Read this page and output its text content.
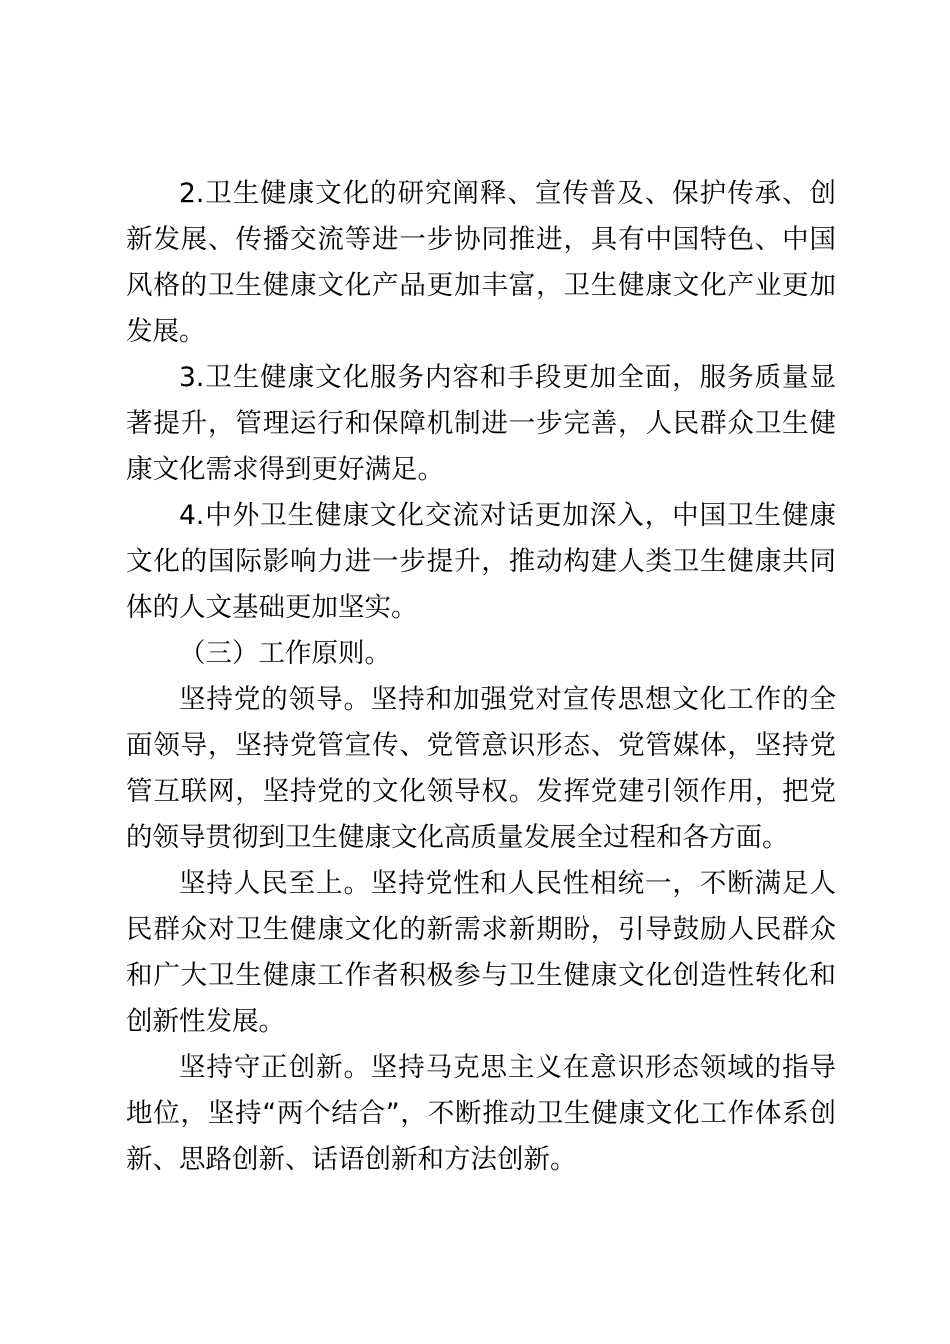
2.卫生健康文化的研究阐释、宣传普及、保护传承、创新发展、传播交流等进一步协同推进，具有中国特色、中国风格的卫生健康文化产品更加丰富，卫生健康文化产业更加发展。

3.卫生健康文化服务内容和手段更加全面，服务质量显著提升，管理运行和保障机制进一步完善，人民群众卫生健康文化需求得到更好满足。

4.中外卫生健康文化交流对话更加深入，中国卫生健康文化的国际影响力进一步提升，推动构建人类卫生健康共同体的人文基础更加坚实。

（三）工作原则。

坚持党的领导。坚持和加强党对宣传思想文化工作的全面领导，坚持党管宣传、党管意识形态、党管媒体，坚持党管互联网，坚持党的文化领导权。发挥党建引领作用，把党的领导贯彻到卫生健康文化高质量发展全过程和各方面。

坚持人民至上。坚持党性和人民性相统一，不断满足人民群众对卫生健康文化的新需求新期盼，引导鼓励人民群众和广大卫生健康工作者积极参与卫生健康文化创造性转化和创新性发展。

坚持守正创新。坚持马克思主义在意识形态领域的指导地位，坚持“两个结合”，不断推动卫生健康文化工作体系创新、思路创新、话语创新和方法创新。
